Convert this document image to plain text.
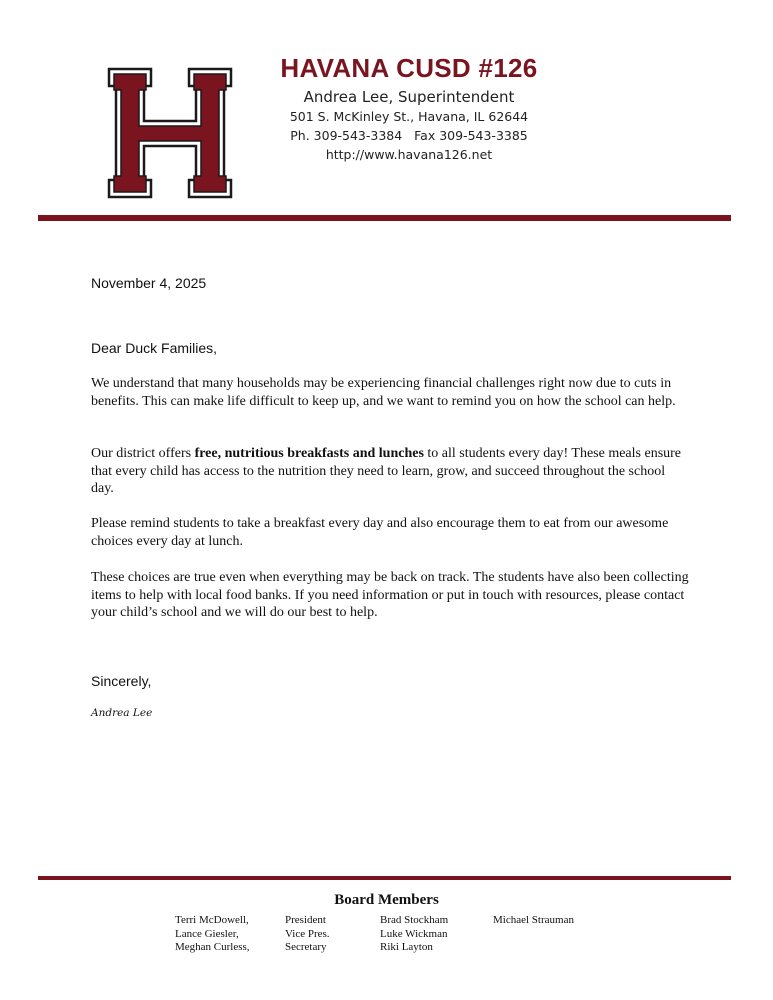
HAVANA CUSD #126
Andrea Lee, Superintendent
501 S. McKinley St., Havana, IL 62644
Ph. 309-543-3384   Fax 309-543-3385
http://www.havana126.net
November 4, 2025
Dear Duck Families,

We understand that many households may be experiencing financial challenges right now due to cuts in benefits. This can make life difficult to keep up, and we want to remind you on how the school can help.

Our district offers free, nutritious breakfasts and lunches to all students every day! These meals ensure that every child has access to the nutrition they need to learn, grow, and succeed throughout the school day.

Please remind students to take a breakfast every day and also encourage them to eat from our awesome choices every day at lunch.

These choices are true even when everything may be back on track. The students have also been collecting items to help with local food banks. If you need information or put in touch with resources, please contact your child’s school and we will do our best to help.

Sincerely,
Andrea Lee
Board Members
Terri McDowell,
Lance Giesler,
Meghan Curless,
President
Vice Pres.
Secretary
Brad Stockham
Luke Wickman
Riki Layton
Michael Strauman
